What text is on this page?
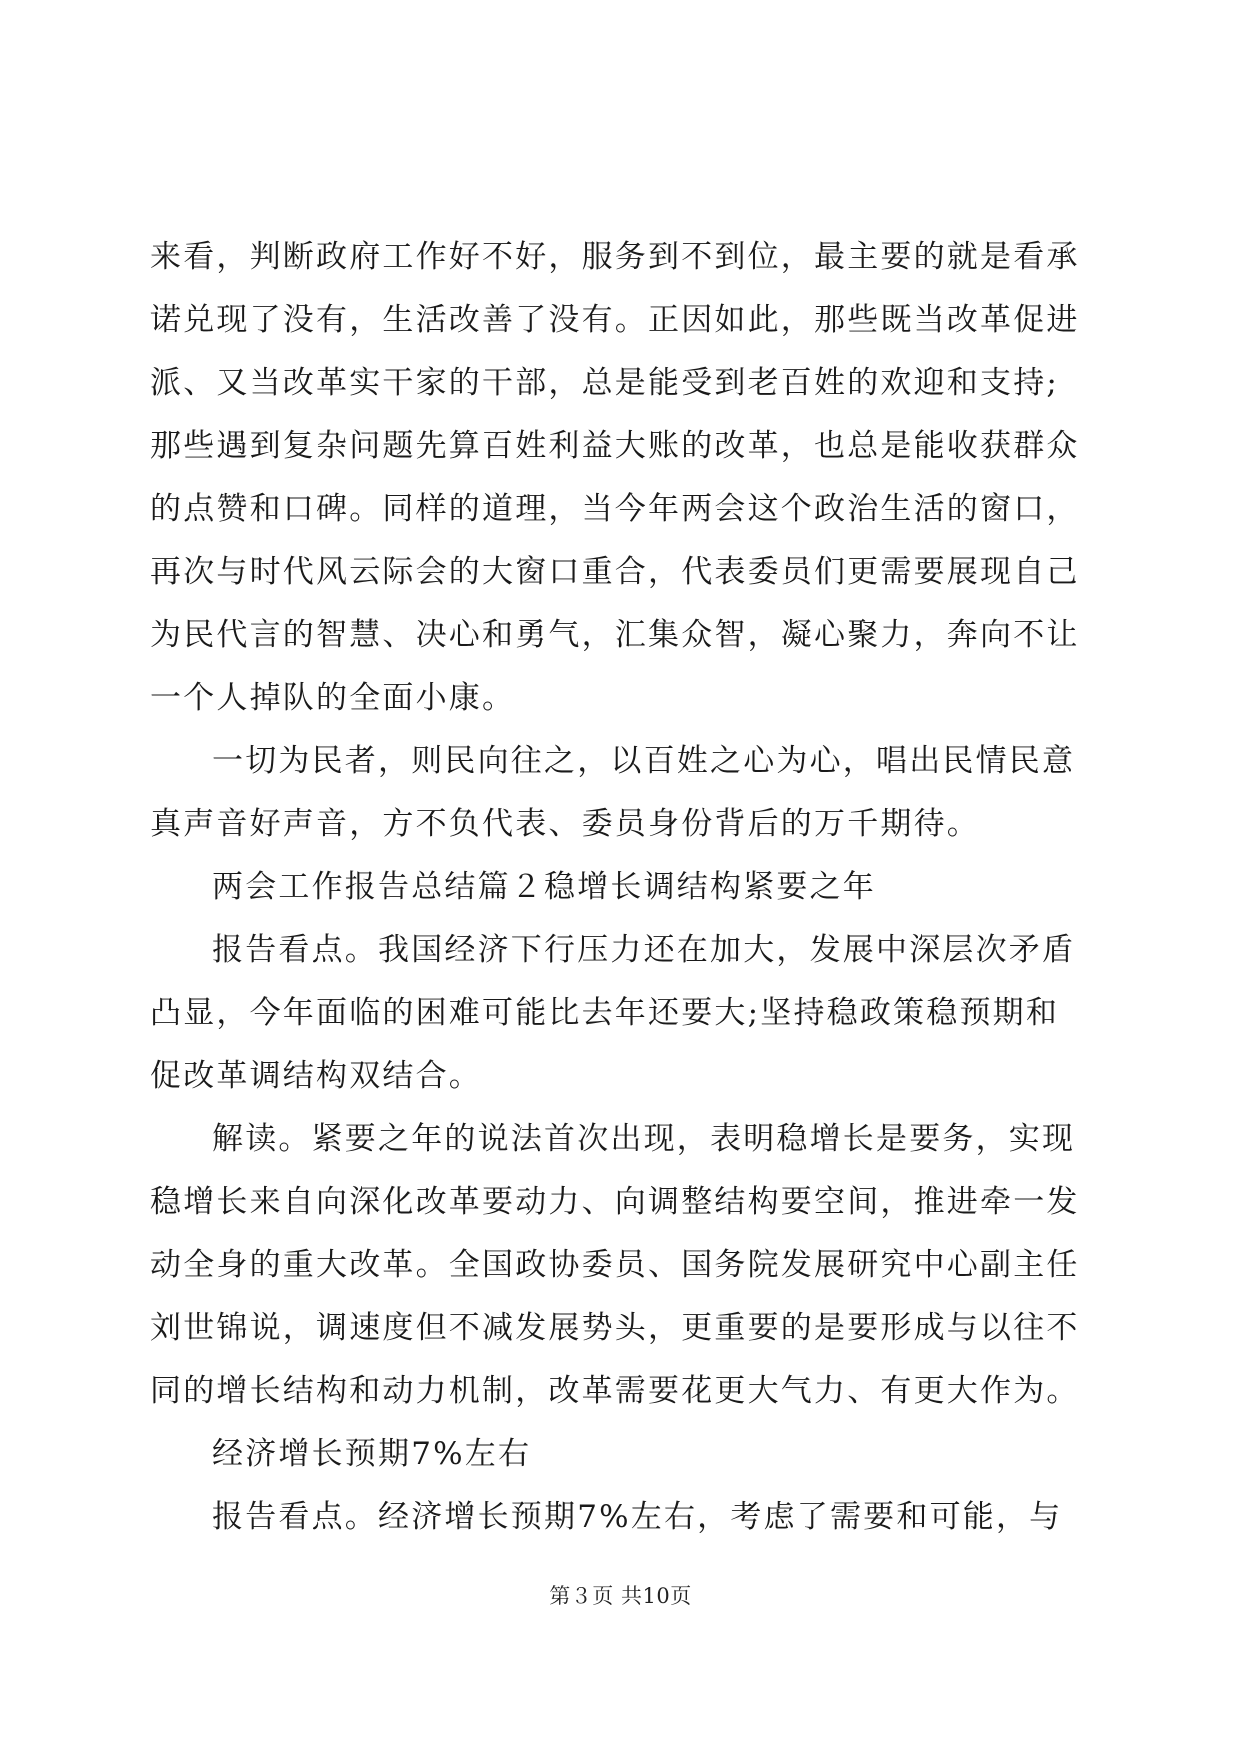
来看，判断政府工作好不好，服务到不到位，最主要的就是看承
诺兑现了没有，生活改善了没有。正因如此，那些既当改革促进
派、又当改革实干家的干部，总是能受到老百姓的欢迎和支持;
那些遇到复杂问题先算百姓利益大账的改革，也总是能收获群众
的点赞和口碑。同样的道理，当今年两会这个政治生活的窗口，
再次与时代风云际会的大窗口重合，代表委员们更需要展现自己
为民代言的智慧、决心和勇气，汇集众智，凝心聚力，奔向不让
一个人掉队的全面小康。
一切为民者，则民向往之，以百姓之心为心，唱出民情民意
真声音好声音，方不负代表、委员身份背后的万千期待。
两会工作报告总结篇２稳增长调结构紧要之年
报告看点。我国经济下行压力还在加大，发展中深层次矛盾
凸显，今年面临的困难可能比去年还要大;坚持稳政策稳预期和
促改革调结构双结合。
解读。紧要之年的说法首次出现，表明稳增长是要务，实现
稳增长来自向深化改革要动力、向调整结构要空间，推进牵一发
动全身的重大改革。全国政协委员、国务院发展研究中心副主任
刘世锦说，调速度但不减发展势头，更重要的是要形成与以往不
同的增长结构和动力机制，改革需要花更大气力、有更大作为。
经济增长预期7%左右
报告看点。经济增长预期7%左右，考虑了需要和可能，与
第３页 共10页
